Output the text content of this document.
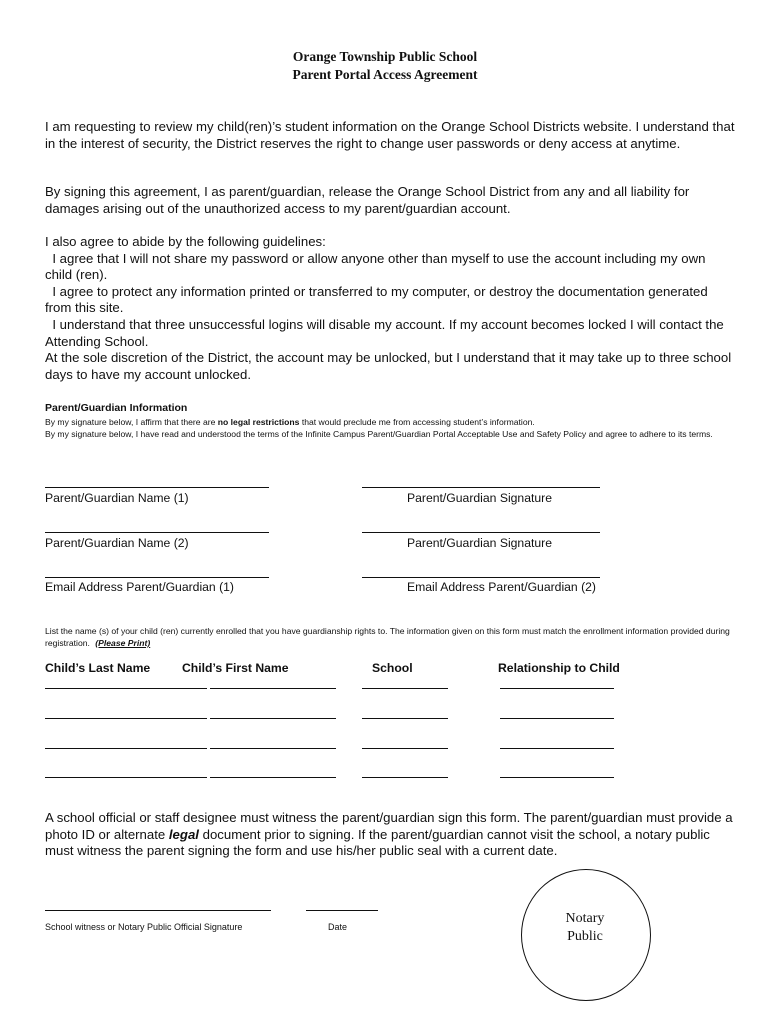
Orange Township Public School
Parent Portal Access Agreement

I am requesting to review my child(ren)’s student information on the Orange School Districts website. I understand that in the interest of security, the District reserves the right to change user passwords or deny access at anytime.

By signing this agreement, I as parent/guardian, release the Orange School District from any and all liability for damages arising out of the unauthorized access to my parent/guardian account.

I also agree to abide by the following guidelines:

I agree that I will not share my password or allow anyone other than myself to use the account including my own child (ren).

I agree to protect any information printed or transferred to my computer, or destroy the documentation generated from this site.

I understand that three unsuccessful logins will disable my account. If my account becomes locked I will contact the Attending School.

At the sole discretion of the District, the account may be unlocked, but I understand that it may take up to three school days to have my account unlocked.

Parent/Guardian Information
By my signature below, I affirm that there are no legal restrictions that would preclude me from accessing student’s information.
By my signature below, I have read and understood the terms of the Infinite Campus Parent/Guardian Portal Acceptable Use and Safety Policy and agree to adhere to its terms.
Parent/Guardian Name (1)	Parent/Guardian Signature
Parent/Guardian Name (2)	Parent/Guardian Signature
Email Address Parent/Guardian (1)	Email Address Parent/Guardian (2)
List the name (s) of your child (ren) currently enrolled that you have guardianship rights to. The information given on this form must match the enrollment information provided during registration. (Please Print)
Child’s Last Name	Child’s First Name	School	Relationship to Child
A school official or staff designee must witness the parent/guardian sign this form. The parent/guardian must provide a photo ID or alternate legal document prior to signing. If the parent/guardian cannot visit the school, a notary public must witness the parent signing the form and use his/her public seal with a current date.
School witness or Notary Public Official Signature	Date
Notary
Public
